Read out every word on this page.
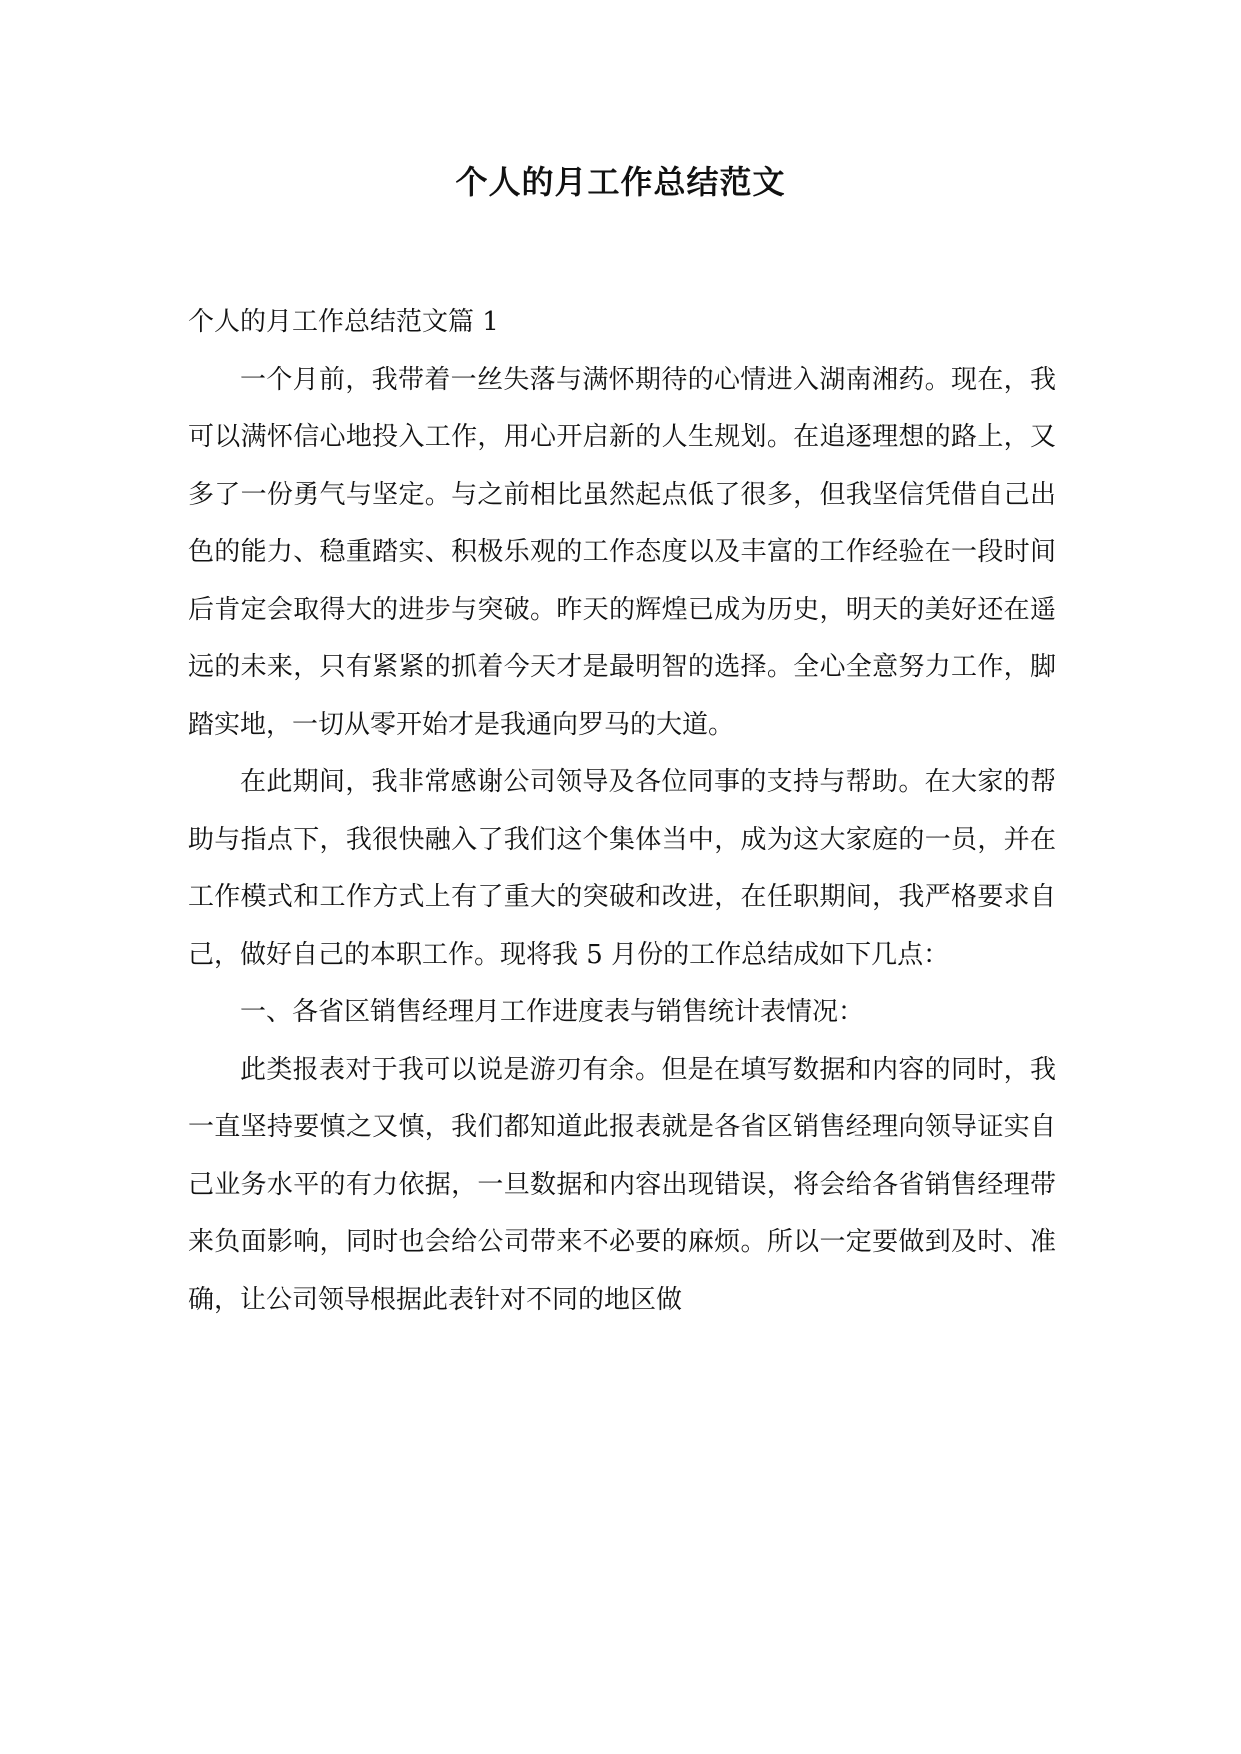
个人的月工作总结范文

个人的月工作总结范文篇 1

一个月前，我带着一丝失落与满怀期待的心情进入湖南湘药。现在，我可以满怀信心地投入工作，用心开启新的人生规划。在追逐理想的路上，又多了一份勇气与坚定。与之前相比虽然起点低了很多，但我坚信凭借自己出色的能力、稳重踏实、积极乐观的工作态度以及丰富的工作经验在一段时间后肯定会取得大的进步与突破。昨天的辉煌已成为历史，明天的美好还在遥远的未来，只有紧紧的抓着今天才是最明智的选择。全心全意努力工作，脚踏实地，一切从零开始才是我通向罗马的大道。

在此期间，我非常感谢公司领导及各位同事的支持与帮助。在大家的帮助与指点下，我很快融入了我们这个集体当中，成为这大家庭的一员，并在工作模式和工作方式上有了重大的突破和改进，在任职期间，我严格要求自己，做好自己的本职工作。现将我 5 月份的工作总结成如下几点：

一、各省区销售经理月工作进度表与销售统计表情况：

此类报表对于我可以说是游刃有余。但是在填写数据和内容的同时，我一直坚持要慎之又慎，我们都知道此报表就是各省区销售经理向领导证实自己业务水平的有力依据，一旦数据和内容出现错误，将会给各省销售经理带来负面影响，同时也会给公司带来不必要的麻烦。所以一定要做到及时、准确，让公司领导根据此表针对不同的地区做
